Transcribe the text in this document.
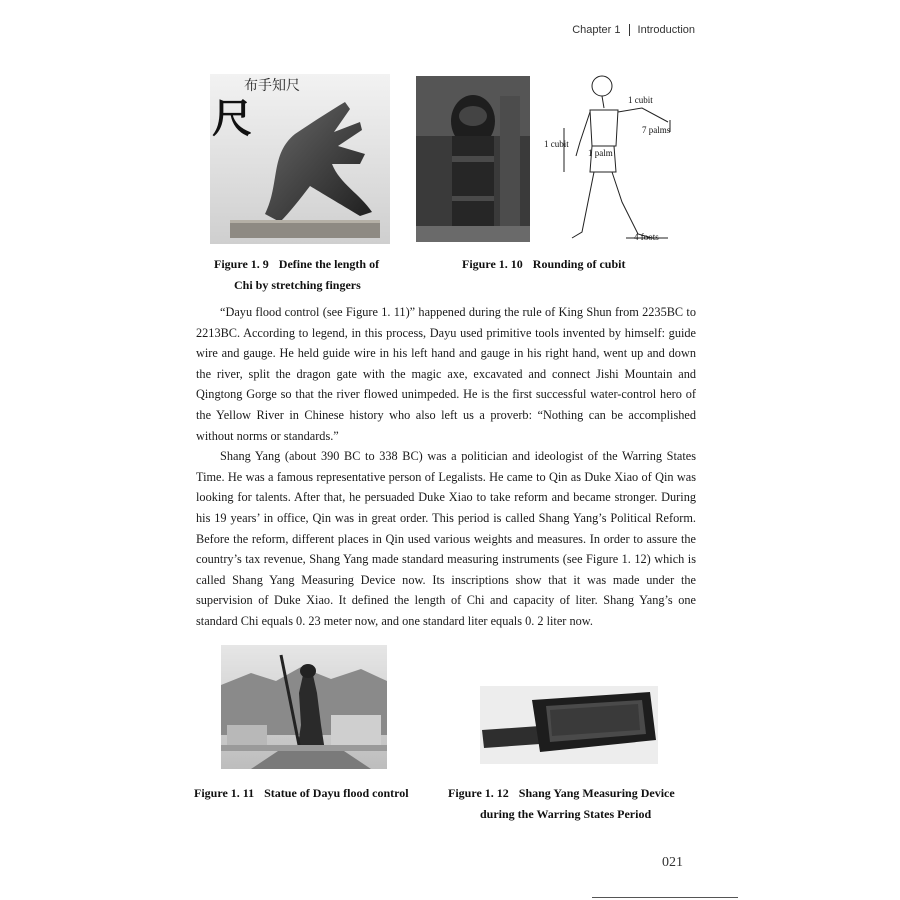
Chapter 1 Introduction
布手知尺
尺	1 cubit
7 palms
1 cubit
1 palm
4 foots
Figure 1. 9 Define the length of
Chi by stretching fingers
Figure 1. 10 Rounding of cubit

“Dayu flood control (see Figure 1. 11)” happened during the rule of King Shun from 2235BC to 2213BC. According to legend, in this process, Dayu used primitive tools invented by himself: guide wire and gauge. He held guide wire in his left hand and gauge in his right hand, went up and down the river, split the dragon gate with the magic axe, excavated and connect Jishi Mountain and Qingtong Gorge so that the river flowed unimpeded. He is the first successful water-control hero of the Yellow River in Chinese history who also left us a proverb: “Nothing can be accomplished without norms or standards.”

Shang Yang (about 390 BC to 338 BC) was a politician and ideologist of the Warring States Time. He was a famous representative person of Legalists. He came to Qin as Duke Xiao of Qin was looking for talents. After that, he persuaded Duke Xiao to take reform and became stronger. During his 19 years’ in office, Qin was in great order. This period is called Shang Yang’s Political Reform. Before the reform, different places in Qin used various weights and measures. In order to assure the country’s tax revenue, Shang Yang made standard measuring instruments (see Figure 1. 12) which is called Shang Yang Measuring Device now. Its inscriptions show that it was made under the supervision of Duke Xiao. It defined the length of Chi and capacity of liter. Shang Yang’s one standard Chi equals 0. 23 meter now, and one standard liter equals 0. 2 liter now.

Figure 1. 11 Statue of Dayu flood control	Figure 1. 12 Shang Yang Measuring Device
during the Warring States Period
021
